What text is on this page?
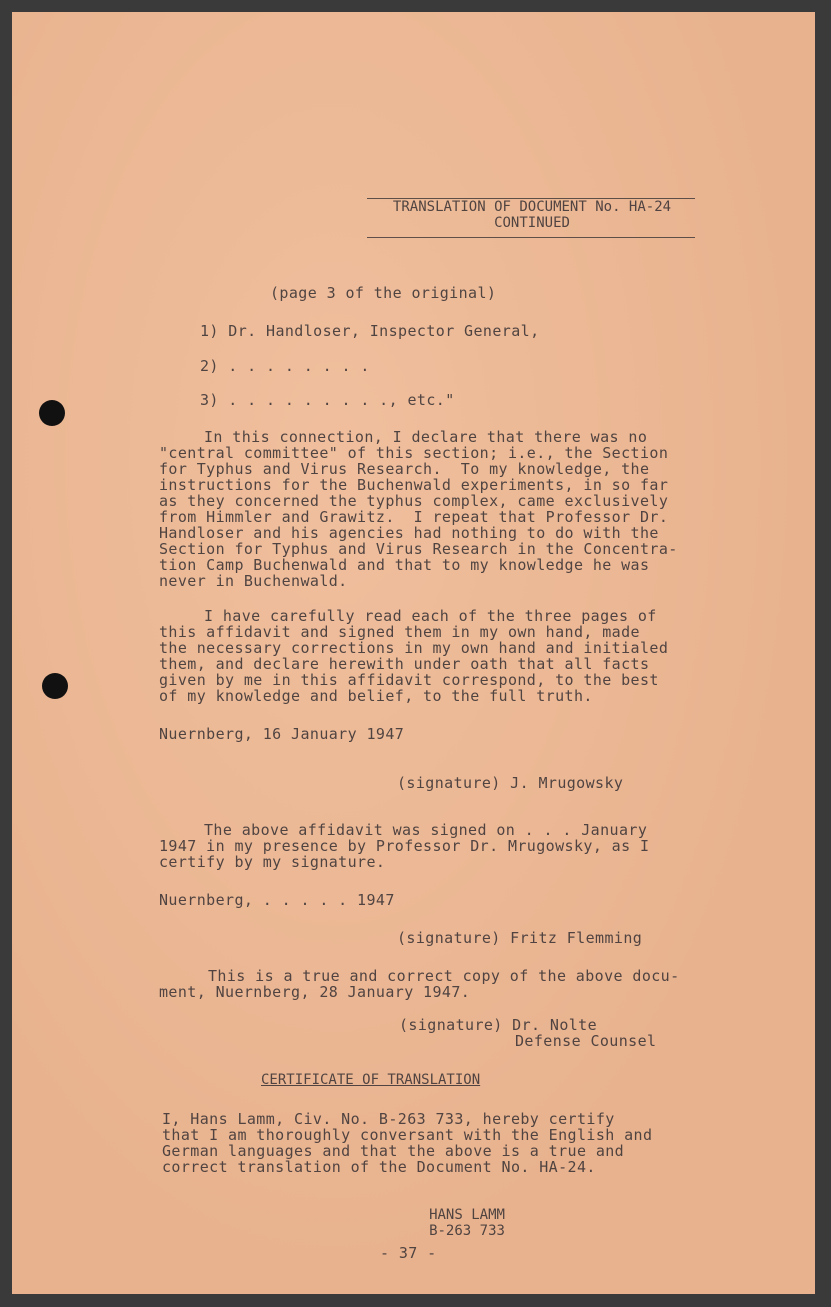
TRANSLATION OF DOCUMENT No. HA-24
CONTINUED
(page 3 of the original)
1) Dr. Handloser, Inspector General,
2) . . . . . . . .
3) . . . . . . . . ., etc."
In this connection, I declare that there was no
"central committee" of this section; i.e., the Section
for Typhus and Virus Research.  To my knowledge, the
instructions for the Buchenwald experiments, in so far
as they concerned the typhus complex, came exclusively
from Himmler and Grawitz.  I repeat that Professor Dr.
Handloser and his agencies had nothing to do with the
Section for Typhus and Virus Research in the Concentra-
tion Camp Buchenwald and that to my knowledge he was
never in Buchenwald.
I have carefully read each of the three pages of
this affidavit and signed them in my own hand, made
the necessary corrections in my own hand and initialed
them, and declare herewith under oath that all facts
given by me in this affidavit correspond, to the best
of my knowledge and belief, to the full truth.
Nuernberg, 16 January 1947
(signature) J. Mrugowsky
The above affidavit was signed on . . . January
1947 in my presence by Professor Dr. Mrugowsky, as I
certify by my signature.
Nuernberg, . . . . . 1947
(signature) Fritz Flemming
This is a true and correct copy of the above docu-
ment, Nuernberg, 28 January 1947.
(signature) Dr. Nolte
Defense Counsel
CERTIFICATE OF TRANSLATION
I, Hans Lamm, Civ. No. B-263 733, hereby certify
that I am thoroughly conversant with the English and
German languages and that the above is a true and
correct translation of the Document No. HA-24.
HANS LAMM
B-263 733
- 37 -
